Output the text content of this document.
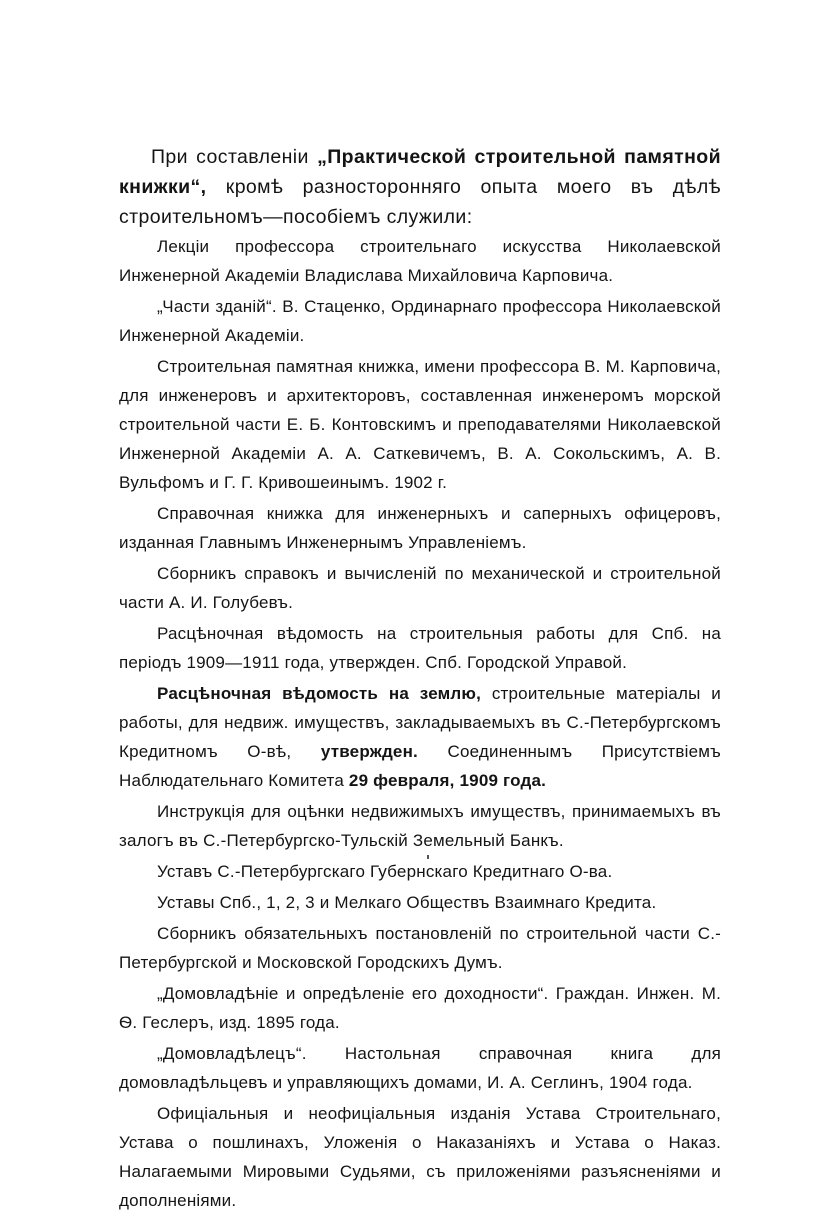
При составленіи „Практической строительной памятной книжки“, кромѣ разносторонняго опыта моего въ дѣлѣ строительномъ—пособіемъ служили:

Лекціи профессора строительнаго искусства Николаевской Инженерной Академіи Владислава Михайловича Карповича.

„Части зданій“. В. Стаценко, Ординарнаго профессора Николаевской Инженерной Академіи.

Строительная памятная книжка, имени профессора В. М. Карповича, для инженеровъ и архитекторовъ, составленная инженеромъ морской строительной части Е. Б. Контовскимъ и преподавателями Николаевской Инженерной Академіи А. А. Саткевичемъ, В. А. Сокольскимъ, А. В. Вульфомъ и Г. Г. Кривошеинымъ. 1902 г.

Справочная книжка для инженерныхъ и саперныхъ офицеровъ, изданная Главнымъ Инженернымъ Управленіемъ.

Сборникъ справокъ и вычисленій по механической и строительной части А. И. Голубевъ.

Расцѣночная вѣдомость на строительныя работы для Спб. на періодъ 1909—1911 года, утвержден. Спб. Городской Управой.

Расцѣночная вѣдомость на землю, строительные матеріалы и работы, для недвиж. имуществъ, закладываемыхъ въ С.-Петербургскомъ Кредитномъ О-вѣ, утвержден. Соединеннымъ Присутствіемъ Наблюдательнаго Комитета 29 февраля, 1909 года.

Инструкція для оцѣнки недвижимыхъ имуществъ, принимаемыхъ въ залогъ въ С.-Петербургско-Тульскій Земельный Банкъ.

Уставъ С.-Петербургскаго Губернскаго Кредитнаго О-ва.

Уставы Спб., 1, 2, 3 и Мелкаго Обществъ Взаимнаго Кредита.

Сборникъ обязательныхъ постановленій по строительной части С.-Петербургской и Московской Городскихъ Думъ.

„Домовладѣніе и опредѣленіе его доходности“. Граждан. Инжен. М. Ѳ. Геслеръ, изд. 1895 года.

„Домовладѣлецъ“. Настольная справочная книга для домовладѣльцевъ и управляющихъ домами, И. А. Сеглинъ, 1904 года.

Офиціальныя и неофиціальныя изданія Устава Строительнаго, Устава о пошлинахъ, Уложенія о Наказаніяхъ и Устава о Наказ. Налагаемыми Мировыми Судьями, съ приложеніями разъясненіями и дополненіями.
